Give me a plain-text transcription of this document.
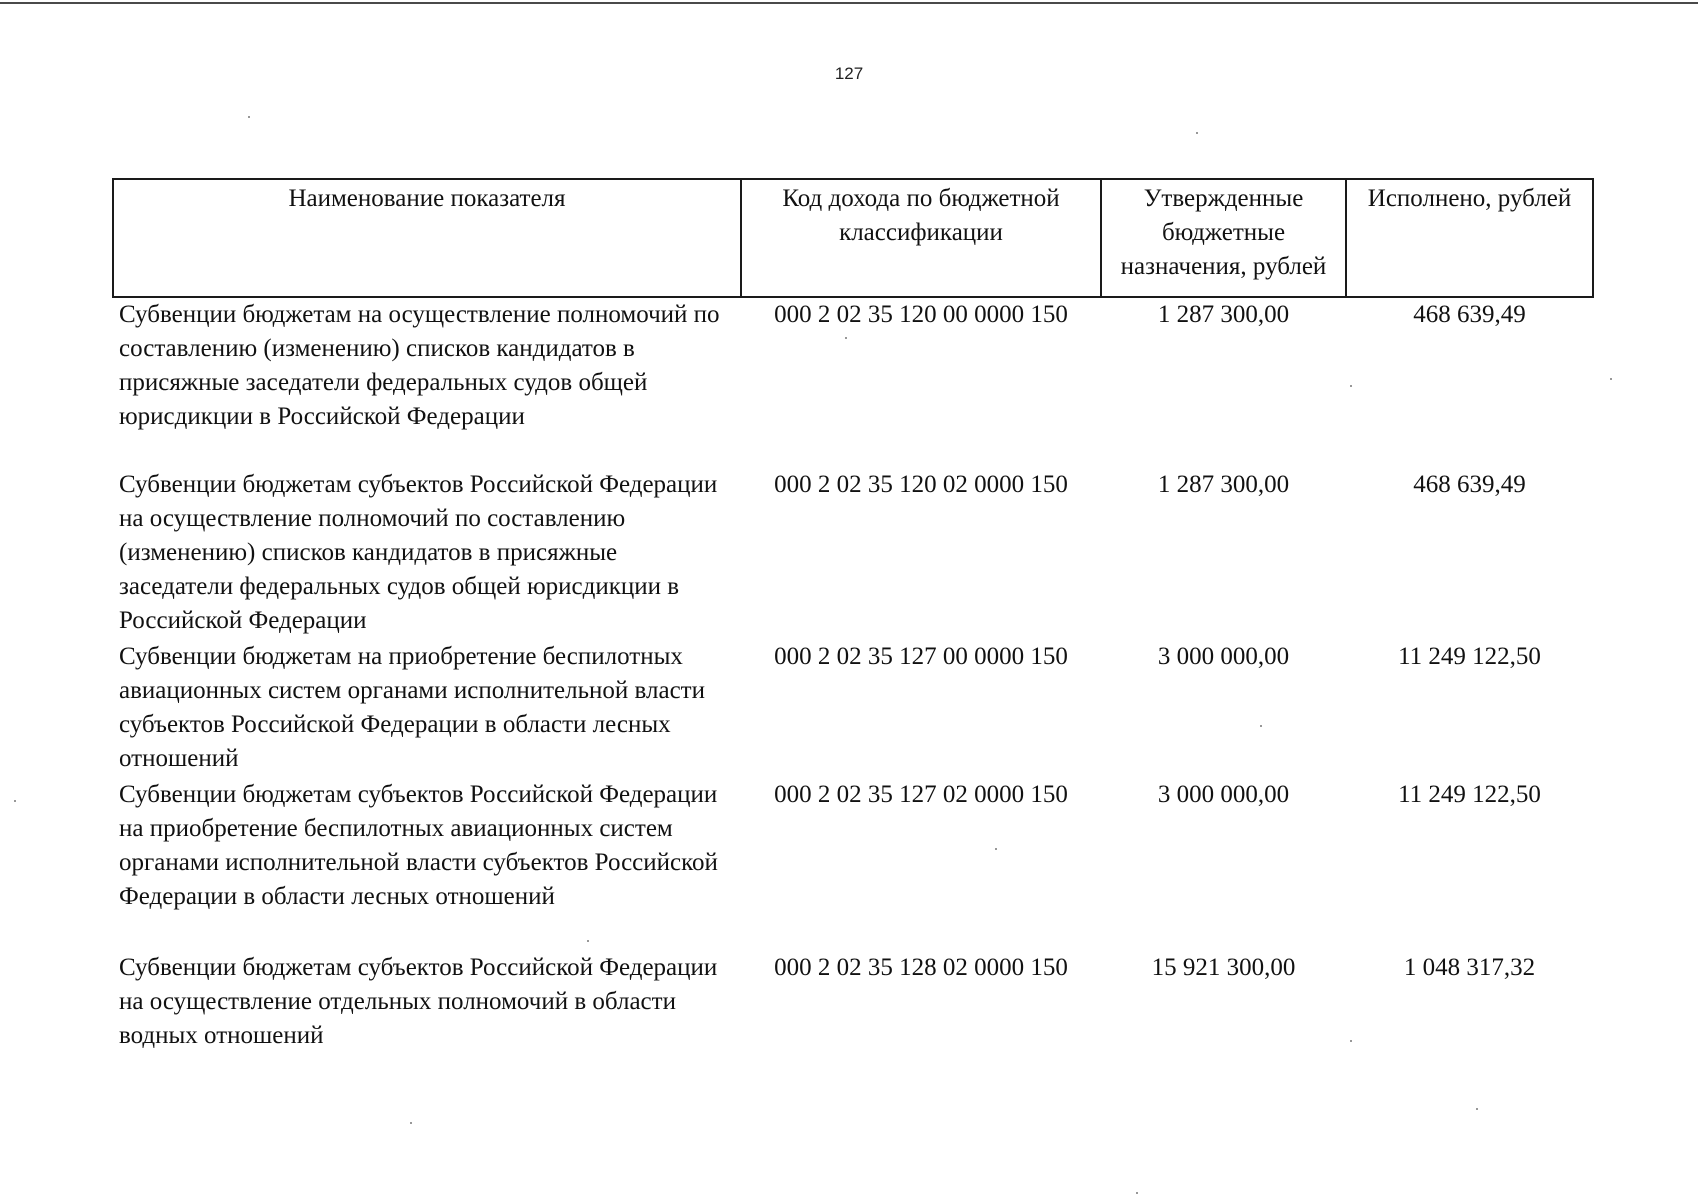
127
Наименование показателя	Код дохода по бюджетной классификации	Утвержденные бюджетные назначения, рублей	Исполнено, рублей
Субвенции бюджетам на осуществление полномочий по составлению (изменению) списков кандидатов в присяжные заседатели федеральных судов общей юрисдикции в Российской Федерации	000 2 02 35 120 00 0000 150	1 287 300,00	468 639,49
Субвенции бюджетам субъектов Российской Федерации на осуществление полномочий по составлению (изменению) списков кандидатов в присяжные заседатели федеральных судов общей юрисдикции в Российской Федерации	000 2 02 35 120 02 0000 150	1 287 300,00	468 639,49
Субвенции бюджетам на приобретение беспилотных авиационных систем органами исполнительной власти субъектов Российской Федерации в области лесных отношений	000 2 02 35 127 00 0000 150	3 000 000,00	11 249 122,50
Субвенции бюджетам субъектов Российской Федерации на приобретение беспилотных авиационных систем органами исполнительной власти субъектов Российской Федерации в области лесных отношений	000 2 02 35 127 02 0000 150	3 000 000,00	11 249 122,50
Субвенции бюджетам субъектов Российской Федерации на осуществление отдельных полномочий в области водных отношений	000 2 02 35 128 02 0000 150	15 921 300,00	1 048 317,32
